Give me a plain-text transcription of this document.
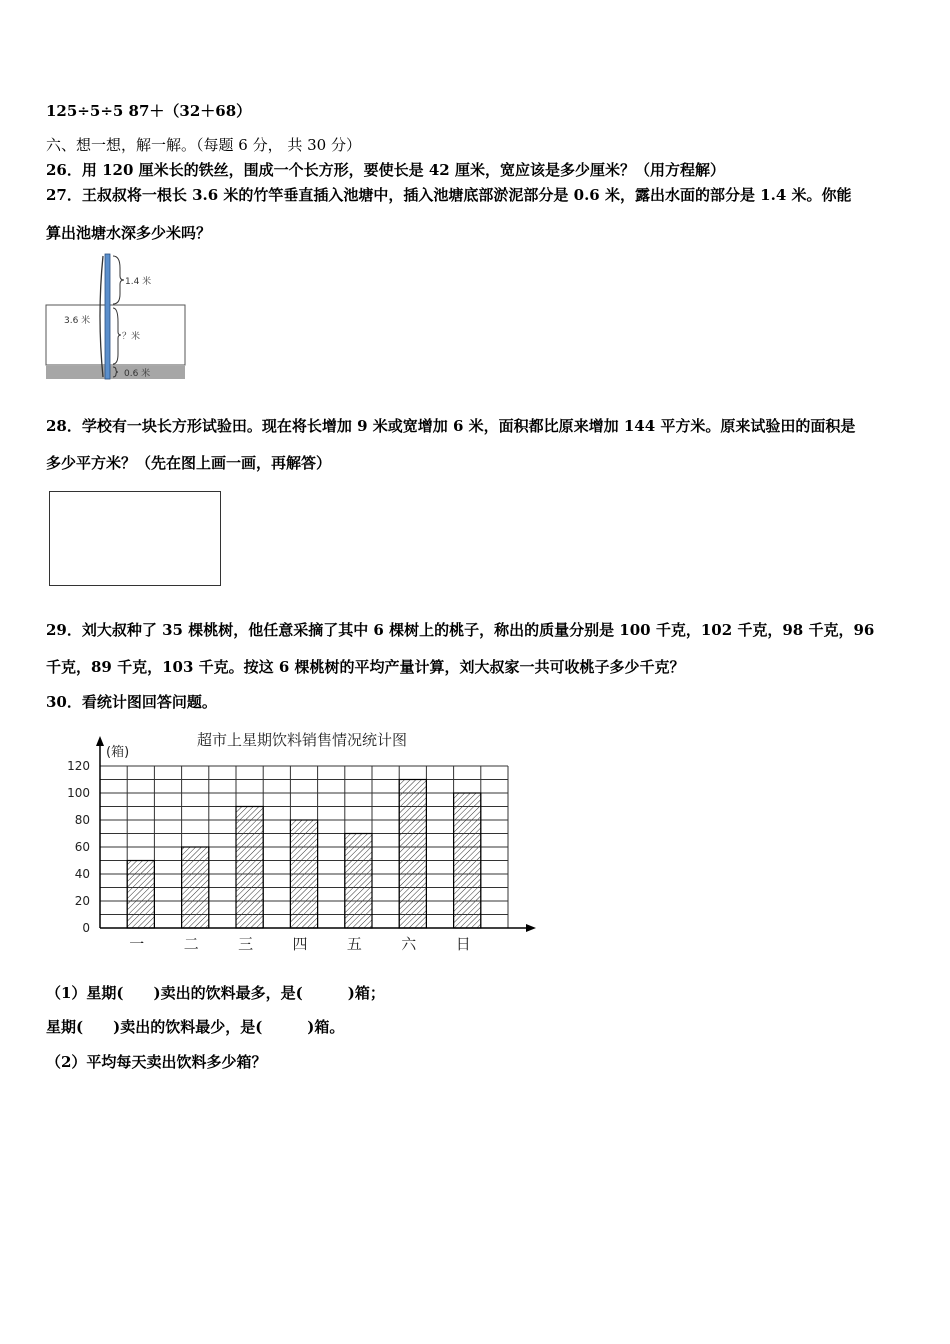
125÷5÷5 87＋（32＋68）
六、想一想，解一解。（每题 6 分， 共 30 分）
26．用 120 厘米长的铁丝，围成一个长方形，要使长是 42 厘米，宽应该是多少厘米？（用方程解）
27．王叔叔将一根长 3.6 米的竹竿垂直插入池塘中，插入池塘底部淤泥部分是 0.6 米，露出水面的部分是 1.4 米。你能
算出池塘水深多少米吗？
3.6 米
1.4 米
？米
0.6 米
28．学校有一块长方形试验田。现在将长增加 9 米或宽增加 6 米，面积都比原来增加 144 平方米。原来试验田的面积是
多少平方米？（先在图上画一画，再解答）
29．刘大叔种了 35 棵桃树，他任意采摘了其中 6 棵树上的桃子，称出的质量分别是 100 千克，102 千克，98 千克，96
千克，89 千克，103 千克。按这 6 棵桃树的平均产量计算，刘大叔家一共可收桃子多少千克？
30．看统计图回答问题。
超市上星期饮料销售情况统计图
(箱)
0
20
40
60
80
100
120
一	二	三	四	五	六	日
（1）星期(　　)卖出的饮料最多，是(　　　)箱；
星期(　　)卖出的饮料最少，是(　　　)箱。
（2）平均每天卖出饮料多少箱？
